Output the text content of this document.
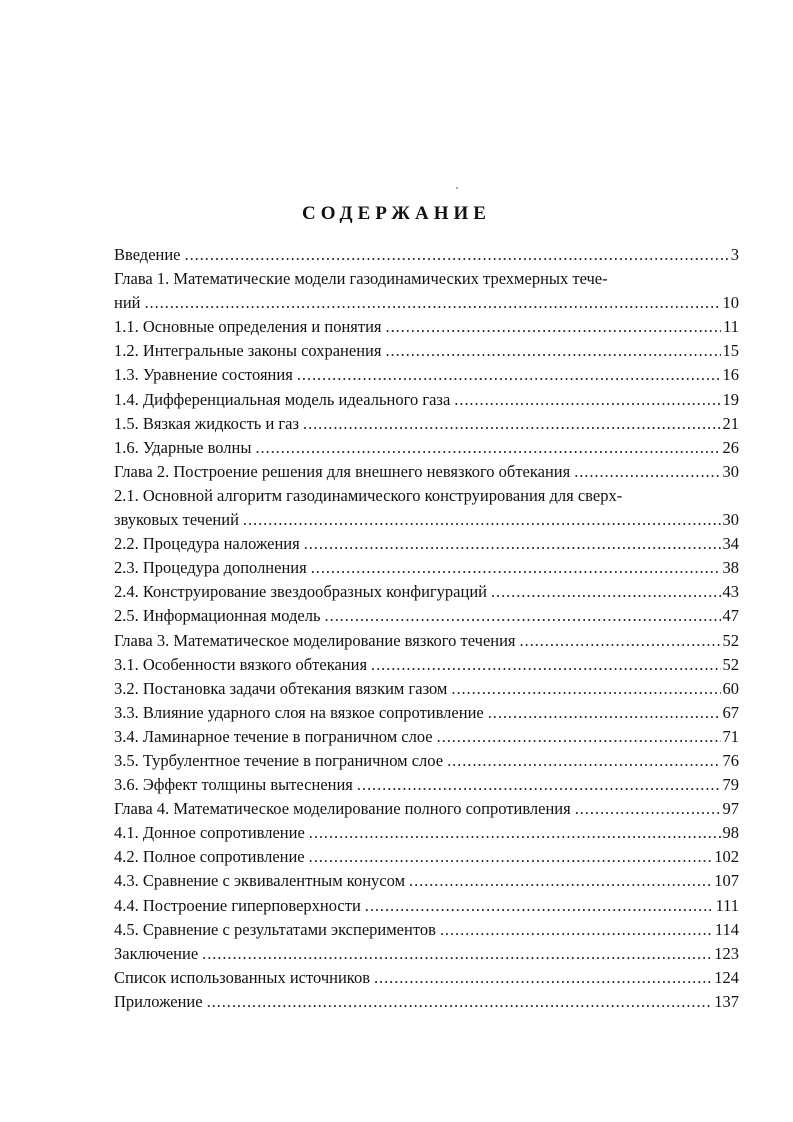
СОДЕРЖАНИЕ
Введение . . .	3
Глава 1. Математические модели газодинамических трехмерных тече-
ний . . .	10
1.1. Основные определения и понятия . . .	11
1.2. Интегральные законы сохранения . . .	15
1.3. Уравнение состояния . . .	16
1.4. Дифференциальная модель идеального газа . . .	19
1.5. Вязкая жидкость и газ . . .	21
1.6. Ударные волны . . .	26
Глава 2. Построение решения для внешнего невязкого обтекания . . .	30
2.1. Основной алгоритм газодинамического конструирования для сверх-
звуковых течений . . .	30
2.2. Процедура наложения . . .	34
2.3. Процедура дополнения . . .	38
2.4. Конструирование звездообразных конфигураций . . .	43
2.5. Информационная модель . . .	47
Глава 3. Математическое моделирование вязкого течения . . .	52
3.1. Особенности вязкого обтекания . . .	52
3.2. Постановка задачи обтекания вязким газом . . .	60
3.3. Влияние ударного слоя на вязкое сопротивление . . .	67
3.4. Ламинарное течение в пограничном слое . . .	71
3.5. Турбулентное течение в пограничном слое . . .	76
3.6. Эффект толщины вытеснения . . .	79
Глава 4. Математическое моделирование полного сопротивления . . .	97
4.1. Донное сопротивление . . .	98
4.2. Полное сопротивление . . .	102
4.3. Сравнение с эквивалентным конусом . . .	107
4.4. Построение гиперповерхности . . .	111
4.5. Сравнение с результатами экспериментов . . .	114
Заключение . . .	123
Список использованных источников . . .	124
Приложение . . .	137
